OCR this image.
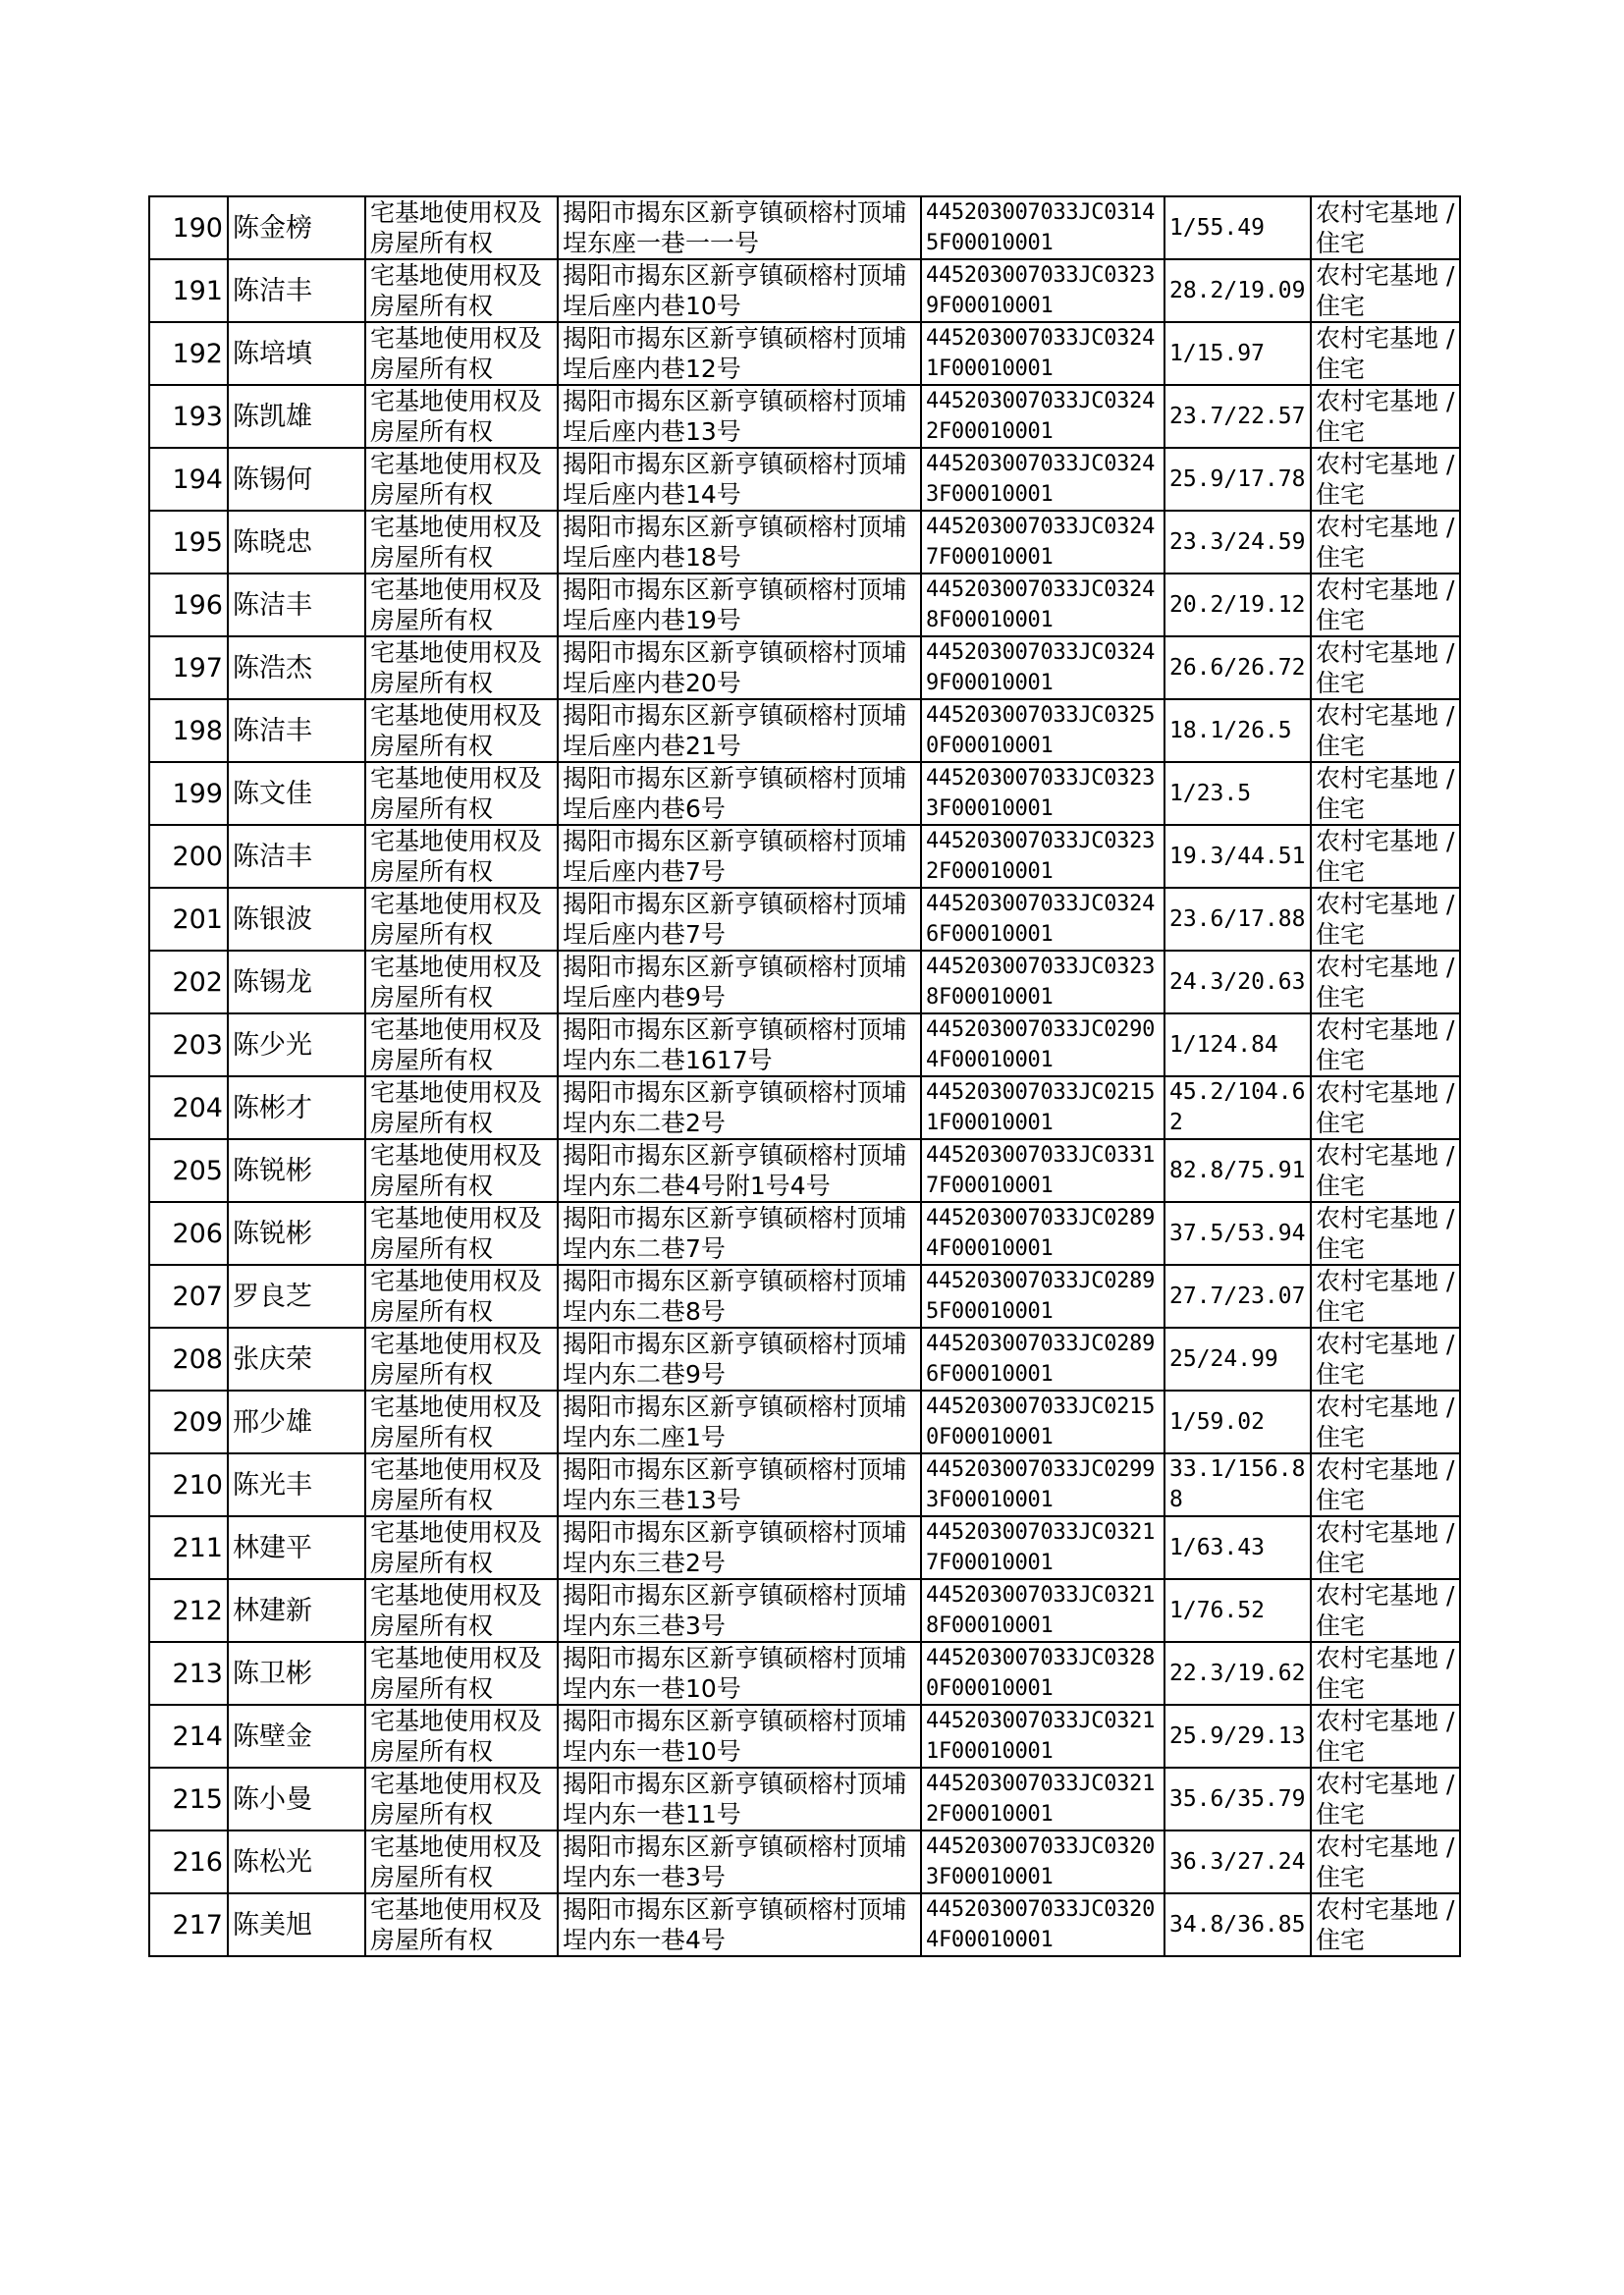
190	陈金榜	宅基地使用权及房屋所有权	揭阳市揭东区新亨镇硕榕村顶埔埕东座一巷一一号	445203007033JC03145F00010001	1/55.49	农村宅基地 / 住宅

191	陈洁丰	宅基地使用权及房屋所有权	揭阳市揭东区新亨镇硕榕村顶埔埕后座内巷10号	445203007033JC03239F00010001	28.2/19.09	农村宅基地 / 住宅

192	陈培填	宅基地使用权及房屋所有权	揭阳市揭东区新亨镇硕榕村顶埔埕后座内巷12号	445203007033JC03241F00010001	1/15.97	农村宅基地 / 住宅

193	陈凯雄	宅基地使用权及房屋所有权	揭阳市揭东区新亨镇硕榕村顶埔埕后座内巷13号	445203007033JC03242F00010001	23.7/22.57	农村宅基地 / 住宅

194	陈锡何	宅基地使用权及房屋所有权	揭阳市揭东区新亨镇硕榕村顶埔埕后座内巷14号	445203007033JC03243F00010001	25.9/17.78	农村宅基地 / 住宅

195	陈晓忠	宅基地使用权及房屋所有权	揭阳市揭东区新亨镇硕榕村顶埔埕后座内巷18号	445203007033JC03247F00010001	23.3/24.59	农村宅基地 / 住宅

196	陈洁丰	宅基地使用权及房屋所有权	揭阳市揭东区新亨镇硕榕村顶埔埕后座内巷19号	445203007033JC03248F00010001	20.2/19.12	农村宅基地 / 住宅

197	陈浩杰	宅基地使用权及房屋所有权	揭阳市揭东区新亨镇硕榕村顶埔埕后座内巷20号	445203007033JC03249F00010001	26.6/26.72	农村宅基地 / 住宅

198	陈洁丰	宅基地使用权及房屋所有权	揭阳市揭东区新亨镇硕榕村顶埔埕后座内巷21号	445203007033JC03250F00010001	18.1/26.5	农村宅基地 / 住宅

199	陈文佳	宅基地使用权及房屋所有权	揭阳市揭东区新亨镇硕榕村顶埔埕后座内巷6号	445203007033JC03233F00010001	1/23.5	农村宅基地 / 住宅

200	陈洁丰	宅基地使用权及房屋所有权	揭阳市揭东区新亨镇硕榕村顶埔埕后座内巷7号	445203007033JC03232F00010001	19.3/44.51	农村宅基地 / 住宅

201	陈银波	宅基地使用权及房屋所有权	揭阳市揭东区新亨镇硕榕村顶埔埕后座内巷7号	445203007033JC03246F00010001	23.6/17.88	农村宅基地 / 住宅

202	陈锡龙	宅基地使用权及房屋所有权	揭阳市揭东区新亨镇硕榕村顶埔埕后座内巷9号	445203007033JC03238F00010001	24.3/20.63	农村宅基地 / 住宅

203	陈少光	宅基地使用权及房屋所有权	揭阳市揭东区新亨镇硕榕村顶埔埕内东二巷1617号	445203007033JC02904F00010001	1/124.84	农村宅基地 / 住宅

204	陈彬才	宅基地使用权及房屋所有权	揭阳市揭东区新亨镇硕榕村顶埔埕内东二巷2号	445203007033JC02151F00010001	45.2/104.62	农村宅基地 / 住宅

205	陈锐彬	宅基地使用权及房屋所有权	揭阳市揭东区新亨镇硕榕村顶埔埕内东二巷4号附1号4号	445203007033JC03317F00010001	82.8/75.91	农村宅基地 / 住宅

206	陈锐彬	宅基地使用权及房屋所有权	揭阳市揭东区新亨镇硕榕村顶埔埕内东二巷7号	445203007033JC02894F00010001	37.5/53.94	农村宅基地 / 住宅

207	罗良芝	宅基地使用权及房屋所有权	揭阳市揭东区新亨镇硕榕村顶埔埕内东二巷8号	445203007033JC02895F00010001	27.7/23.07	农村宅基地 / 住宅

208	张庆荣	宅基地使用权及房屋所有权	揭阳市揭东区新亨镇硕榕村顶埔埕内东二巷9号	445203007033JC02896F00010001	25/24.99	农村宅基地 / 住宅

209	邢少雄	宅基地使用权及房屋所有权	揭阳市揭东区新亨镇硕榕村顶埔埕内东二座1号	445203007033JC02150F00010001	1/59.02	农村宅基地 / 住宅

210	陈光丰	宅基地使用权及房屋所有权	揭阳市揭东区新亨镇硕榕村顶埔埕内东三巷13号	445203007033JC02993F00010001	33.1/156.88	农村宅基地 / 住宅

211	林建平	宅基地使用权及房屋所有权	揭阳市揭东区新亨镇硕榕村顶埔埕内东三巷2号	445203007033JC03217F00010001	1/63.43	农村宅基地 / 住宅

212	林建新	宅基地使用权及房屋所有权	揭阳市揭东区新亨镇硕榕村顶埔埕内东三巷3号	445203007033JC03218F00010001	1/76.52	农村宅基地 / 住宅

213	陈卫彬	宅基地使用权及房屋所有权	揭阳市揭东区新亨镇硕榕村顶埔埕内东一巷10号	445203007033JC03280F00010001	22.3/19.62	农村宅基地 / 住宅

214	陈壁金	宅基地使用权及房屋所有权	揭阳市揭东区新亨镇硕榕村顶埔埕内东一巷10号	445203007033JC03211F00010001	25.9/29.13	农村宅基地 / 住宅

215	陈小曼	宅基地使用权及房屋所有权	揭阳市揭东区新亨镇硕榕村顶埔埕内东一巷11号	445203007033JC03212F00010001	35.6/35.79	农村宅基地 / 住宅

216	陈松光	宅基地使用权及房屋所有权	揭阳市揭东区新亨镇硕榕村顶埔埕内东一巷3号	445203007033JC03203F00010001	36.3/27.24	农村宅基地 / 住宅

217	陈美旭	宅基地使用权及房屋所有权	揭阳市揭东区新亨镇硕榕村顶埔埕内东一巷4号	445203007033JC03204F00010001	34.8/36.85	农村宅基地 / 住宅
